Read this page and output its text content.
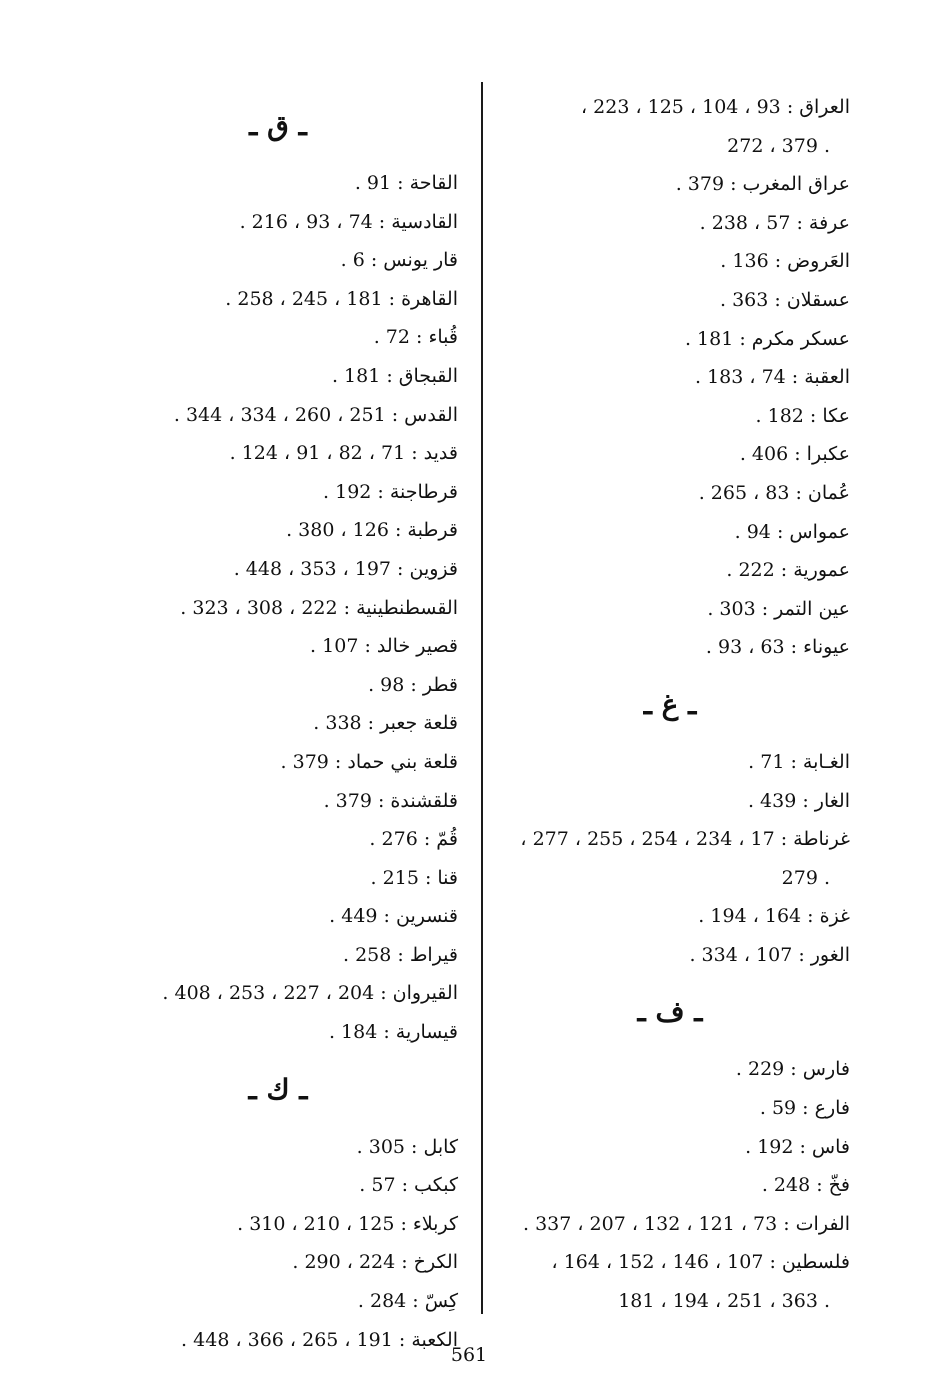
العراق : 93 ، 104 ، 125 ، 223 ،
272 ، 379 .
عراق المغرب : 379 .
عرفة : 57 ، 238 .
العَروض : 136 .
عسقلان : 363 .
عسكر مكرم : 181 .
العقبة : 74 ، 183 .
عكا : 182 .
عكبرا : 406 .
عُمان : 83 ، 265 .
عمواس : 94 .
عمورية : 222 .
عين التمر : 303 .
عيوناء : 63 ، 93 .
ـ غ ـ
الغـابة : 71 .
الغار : 439 .
غرناطة : 17 ، 234 ، 254 ، 255 ، 277 ،
279 .
غزة : 164 ، 194 .
الغور : 107 ، 334 .
ـ ف ـ
فارس : 229 .
فارع : 59 .
فاس : 192 .
فخّ : 248 .
الفرات : 73 ، 121 ، 132 ، 207 ، 337 .
فلسطين : 107 ، 146 ، 152 ، 164 ،
181 ، 194 ، 251 ، 363 .
ـ ق ـ
القاحة : 91 .
القادسية : 74 ، 93 ، 216 .
قار يونس : 6 .
القاهرة : 181 ، 245 ، 258 .
قُباء : 72 .
القبجاق : 181 .
القدس : 251 ، 260 ، 334 ، 344 .
قديد : 71 ، 82 ، 91 ، 124 .
قرطاجنة : 192 .
قرطبة : 126 ، 380 .
قزوين : 197 ، 353 ، 448 .
القسطنطينية : 222 ، 308 ، 323 .
قصير خالد : 107 .
قطر : 98 .
قلعة جعبر : 338 .
قلعة بني حماد : 379 .
قلقشندة : 379 .
قُمّ : 276 .
قنا : 215 .
قنسرين : 449 .
قيراط : 258 .
القيروان : 204 ، 227 ، 253 ، 408 .
قيسارية : 184 .
ـ ك ـ
كابل : 305 .
كبكب : 57 .
كربلاء : 125 ، 210 ، 310 .
الكرخ : 224 ، 290 .
كِسّ : 284 .
الكعبة : 191 ، 265 ، 366 ، 448 .
561
